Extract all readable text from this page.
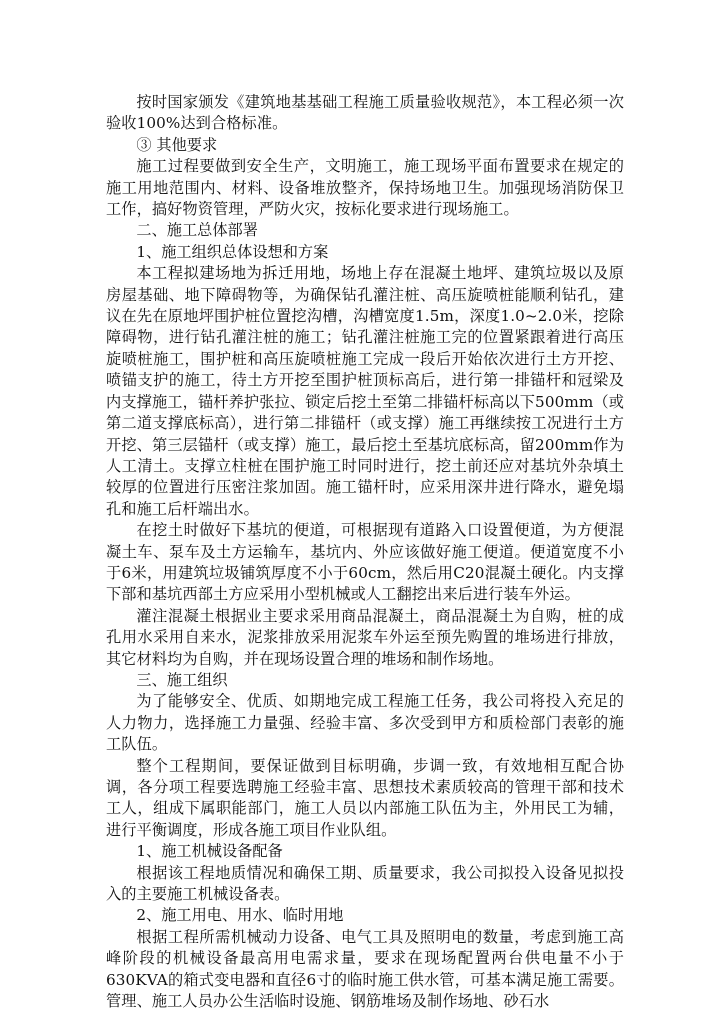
按时国家颁发《建筑地基基础工程施工质量验收规范》，本工程必须一次验收100%达到合格标准。

③ 其他要求

施工过程要做到安全生产，文明施工，施工现场平面布置要求在规定的施工用地范围内、材料、设备堆放整齐，保持场地卫生。加强现场消防保卫工作，搞好物资管理，严防火灾，按标化要求进行现场施工。

二、施工总体部署

1、施工组织总体设想和方案

本工程拟建场地为拆迁用地，场地上存在混凝土地坪、建筑垃圾以及原房屋基础、地下障碍物等，为确保钻孔灌注桩、高压旋喷桩能顺利钻孔，建议在先在原地坪围护桩位置挖沟槽，沟槽宽度1.5m，深度1.0~2.0米，挖除障碍物，进行钻孔灌注桩的施工；钻孔灌注桩施工完的位置紧跟着进行高压旋喷桩施工，围护桩和高压旋喷桩施工完成一段后开始依次进行土方开挖、喷锚支护的施工，待土方开挖至围护桩顶标高后，进行第一排锚杆和冠梁及内支撑施工，锚杆养护张拉、锁定后挖土至第二排锚杆标高以下500mm（或第二道支撑底标高），进行第二排锚杆（或支撑）施工再继续按工况进行土方开挖、第三层锚杆（或支撑）施工，最后挖土至基坑底标高，留200mm作为人工清土。支撑立柱桩在围护施工时同时进行，挖土前还应对基坑外杂填土较厚的位置进行压密注浆加固。施工锚杆时，应采用深井进行降水，避免塌孔和施工后杆端出水。

在挖土时做好下基坑的便道，可根据现有道路入口设置便道，为方便混凝土车、泵车及土方运输车，基坑内、外应该做好施工便道。便道宽度不小于6米，用建筑垃圾铺筑厚度不小于60cm，然后用C20混凝土硬化。内支撑下部和基坑西部土方应采用小型机械或人工翻挖出来后进行装车外运。

灌注混凝土根据业主要求采用商品混凝土，商品混凝土为自购，桩的成孔用水采用自来水，泥浆排放采用泥浆车外运至预先购置的堆场进行排放，其它材料均为自购，并在现场设置合理的堆场和制作场地。

三、施工组织

为了能够安全、优质、如期地完成工程施工任务，我公司将投入充足的人力物力，选择施工力量强、经验丰富、多次受到甲方和质检部门表彰的施工队伍。

整个工程期间，要保证做到目标明确，步调一致，有效地相互配合协调，各分项工程要选聘施工经验丰富、思想技术素质较高的管理干部和技术工人，组成下属职能部门，施工人员以内部施工队伍为主，外用民工为辅，进行平衡调度，形成各施工项目作业队组。

1、施工机械设备配备

根据该工程地质情况和确保工期、质量要求，我公司拟投入设备见拟投入的主要施工机械设备表。

2、施工用电、用水、临时用地

根据工程所需机械动力设备、电气工具及照明电的数量，考虑到施工高峰阶段的机械设备最高用电需求量，要求在现场配置两台供电量不小于630KVA的箱式变电器和直径6寸的临时施工供水管，可基本满足施工需要。管理、施工人员办公生活临时设施、钢筋堆场及制作场地、砂石水
